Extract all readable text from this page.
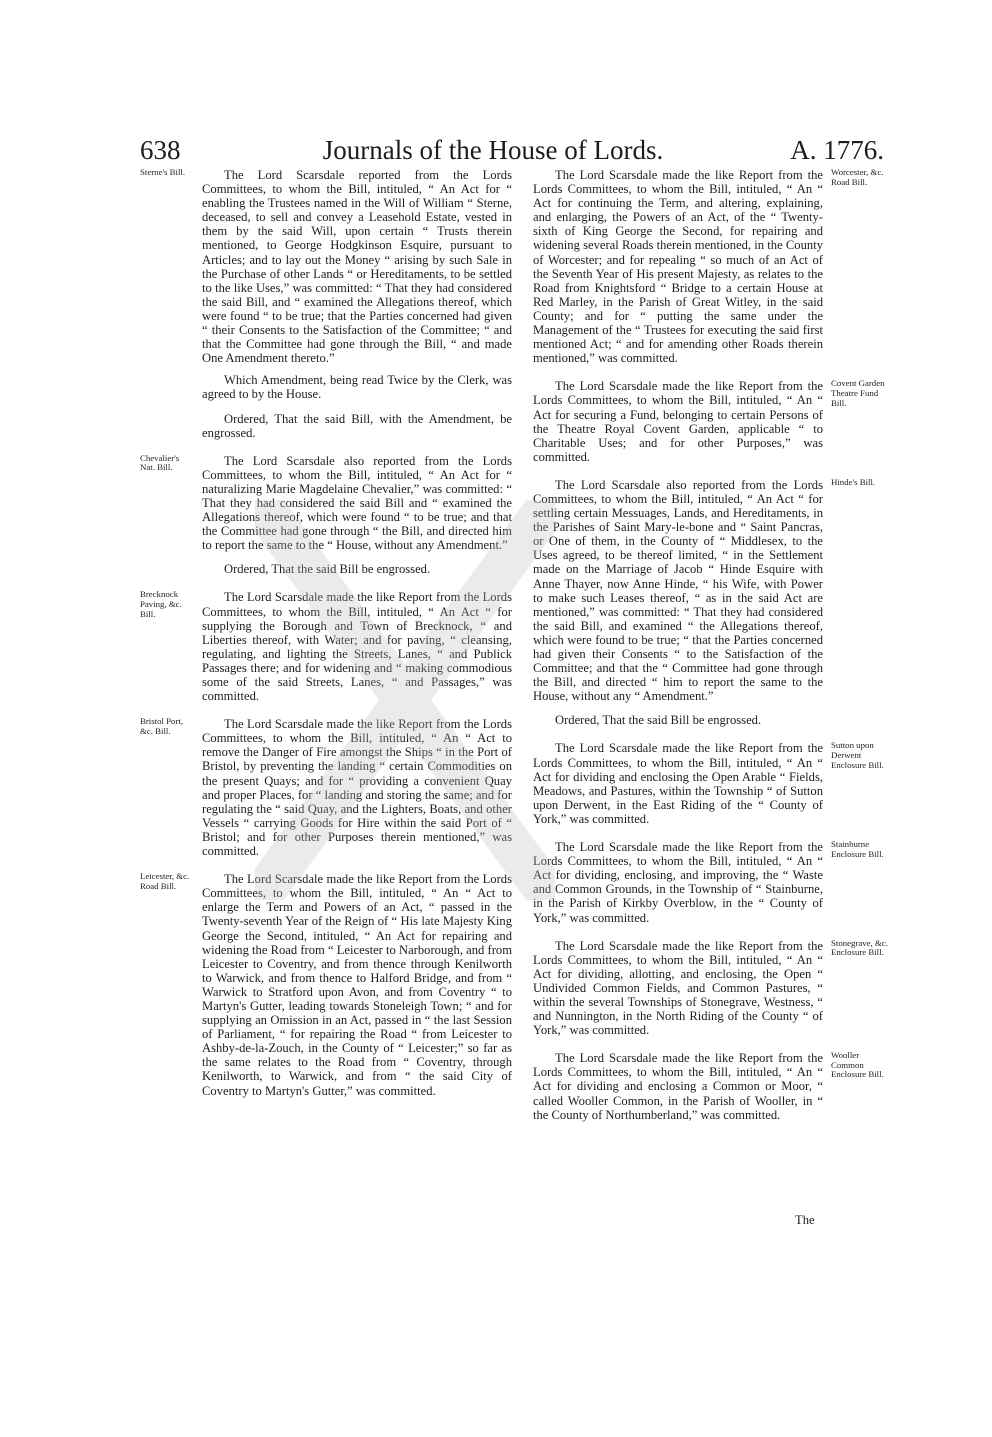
638	Journals of the House of Lords.	A. 1776.
Sterne's Bill.	The Lord Scarsdale reported from the Lords Committees, to whom the Bill, intituled, “ An Act for “ enabling the Trustees named in the Will of William “ Sterne, deceased, to sell and convey a Leasehold Estate, vested in them by the said Will, upon certain “ Trusts therein mentioned, to George Hodgkinson Esquire, pursuant to Articles; and to lay out the Money “ arising by such Sale in the Purchase of other Lands “ or Hereditaments, to be settled to the like Uses,” was committed: “ That they had considered the said Bill, and “ examined the Allegations thereof, which were found “ to be true; that the Parties concerned had given “ their Consents to the Satisfaction of the Committee; “ and that the Committee had gone through the Bill, “ and made One Amendment thereto.”

Which Amendment, being read Twice by the Clerk, was agreed to by the House.

Ordered, That the said Bill, with the Amendment, be engrossed.

Chevalier's Nat. Bill.	The Lord Scarsdale also reported from the Lords Committees, to whom the Bill, intituled, “ An Act for “ naturalizing Marie Magdelaine Chevalier,” was committed: “ That they had considered the said Bill and “ examined the Allegations thereof, which were found “ to be true; and that the Committee had gone through “ the Bill, and directed him to report the same to the “ House, without any Amendment.”

Ordered, That the said Bill be engrossed.

Brecknock Paving, &c. Bill.

The Lord Scarsdale made the like Report from the Lords Committees, to whom the Bill, intituled, “ An Act “ for supplying the Borough and Town of Brecknock, “ and Liberties thereof, with Water; and for paving, “ cleansing, regulating, and lighting the Streets, Lanes, “ and Publick Passages there; and for widening and “ making commodious some of the said Streets, Lanes, “ and Passages,” was committed.

Bristol Port, &c. Bill.	The Lord Scarsdale made the like Report from the Lords Committees, to whom the Bill, intituled, “ An “ Act to remove the Danger of Fire amongst the Ships “ in the Port of Bristol, by preventing the landing “ certain Commodities on the present Quays; and for “ providing a convenient Quay and proper Places, for “ landing and storing the same; and for regulating the “ said Quay, and the Lighters, Boats, and other Vessels “ carrying Goods for Hire within the said Port of “ Bristol; and for other Purposes therein mentioned,” was committed.

Leicester, &c. Road Bill.	The Lord Scarsdale made the like Report from the Lords Committees, to whom the Bill, intituled, “ An “ Act to enlarge the Term and Powers of an Act, “ passed in the Twenty-seventh Year of the Reign of “ His late Majesty King George the Second, intituled, “ An Act for repairing and widening the Road from “ Leicester to Narborough, and from Leicester to Coventry, and from thence through Kenilworth to Warwick, and from thence to Halford Bridge, and from “ Warwick to Stratford upon Avon, and from Coventry “ to Martyn's Gutter, leading towards Stoneleigh Town; “ and for supplying an Omission in an Act, passed in “ the last Session of Parliament, “ for repairing the Road “ from Leicester to Ashby-de-la-Zouch, in the County of “ Leicester;” so far as the same relates to the Road from “ Coventry, through Kenilworth, to Warwick, and from “ the said City of Coventry to Martyn's Gutter,” was committed.

Worcester, &c. Road Bill.

The Lord Scarsdale made the like Report from the Lords Committees, to whom the Bill, intituled, “ An “ Act for continuing the Term, and altering, explaining, and enlarging, the Powers of an Act, of the “ Twenty-sixth of King George the Second, for repairing and widening several Roads therein mentioned, in the County of Worcester; and for repealing “ so much of an Act of the Seventh Year of His present Majesty, as relates to the Road from Knightsford “ Bridge to a certain House at Red Marley, in the Parish of Great Witley, in the said County; and for “ putting the same under the Management of the “ Trustees for executing the said first mentioned Act; “ and for amending other Roads therein mentioned,” was committed.

Covent Garden Theatre Fund Bill.

The Lord Scarsdale made the like Report from the Lords Committees, to whom the Bill, intituled, “ An “ Act for securing a Fund, belonging to certain Persons of the Theatre Royal Covent Garden, applicable “ to Charitable Uses; and for other Purposes,” was committed.

Hinde's Bill.

The Lord Scarsdale also reported from the Lords Committees, to whom the Bill, intituled, “ An Act “ for settling certain Messuages, Lands, and Hereditaments, in the Parishes of Saint Mary-le-bone and “ Saint Pancras, or One of them, in the County of “ Middlesex, to the Uses agreed, to be thereof limited, “ in the Settlement made on the Marriage of Jacob “ Hinde Esquire with Anne Thayer, now Anne Hinde, “ his Wife, with Power to make such Leases thereof, “ as in the said Act are mentioned,” was committed: “ That they had considered the said Bill, and examined “ the Allegations thereof, which were found to be true; “ that the Parties concerned had given their Consents “ to the Satisfaction of the Committee; and that the “ Committee had gone through the Bill, and directed “ him to report the same to the House, without any “ Amendment.”

Ordered, That the said Bill be engrossed.

Sutton upon Derwent Enclosure Bill.

The Lord Scarsdale made the like Report from the Lords Committees, to whom the Bill, intituled, “ An “ Act for dividing and enclosing the Open Arable “ Fields, Meadows, and Pastures, within the Township “ of Sutton upon Derwent, in the East Riding of the “ County of York,” was committed.

Stainburne Enclosure Bill.

The Lord Scarsdale made the like Report from the Lords Committees, to whom the Bill, intituled, “ An “ Act for dividing, enclosing, and improving, the “ Waste and Common Grounds, in the Township of “ Stainburne, in the Parish of Kirkby Overblow, in the “ County of York,” was committed.

Stonegrave, &c. Enclosure Bill.

The Lord Scarsdale made the like Report from the Lords Committees, to whom the Bill, intituled, “ An “ Act for dividing, allotting, and enclosing, the Open “ Undivided Common Fields, and Common Pastures, “ within the several Townships of Stonegrave, Westness, “ and Nunnington, in the North Riding of the County “ of York,” was committed.

Wooller Common Enclosure Bill.

The Lord Scarsdale made the like Report from the Lords Committees, to whom the Bill, intituled, “ An “ Act for dividing and enclosing a Common or Moor, “ called Wooller Common, in the Parish of Wooller, in “ the County of Northumberland,” was committed.

The
